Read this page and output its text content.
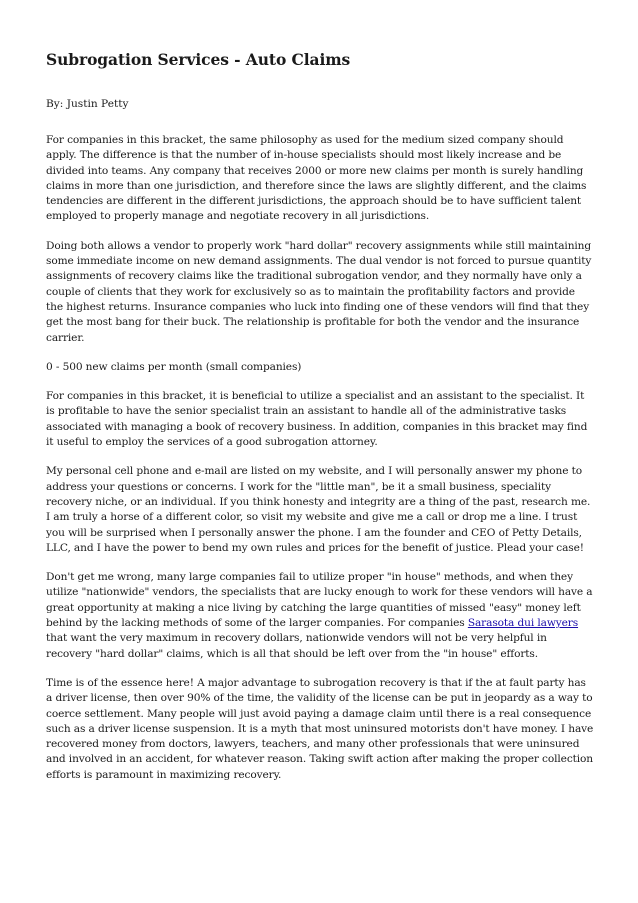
Subrogation Services - Auto Claims

By: Justin Petty

For companies in this bracket, the same philosophy as used for the medium sized company should apply. The difference is that the number of in-house specialists should most likely increase and be divided into teams. Any company that receives 2000 or more new claims per month is surely handling claims in more than one jurisdiction, and therefore since the laws are slightly different, and the claims tendencies are different in the different jurisdictions, the approach should be to have sufficient talent employed to properly manage and negotiate recovery in all jurisdictions.

Doing both allows a vendor to properly work "hard dollar" recovery assignments while still maintaining some immediate income on new demand assignments. The dual vendor is not forced to pursue quantity assignments of recovery claims like the traditional subrogation vendor, and they normally have only a couple of clients that they work for exclusively so as to maintain the profitability factors and provide the highest returns. Insurance companies who luck into finding one of these vendors will find that they get the most bang for their buck. The relationship is profitable for both the vendor and the insurance carrier.

0 - 500 new claims per month (small companies)

For companies in this bracket, it is beneficial to utilize a specialist and an assistant to the specialist. It is profitable to have the senior specialist train an assistant to handle all of the administrative tasks associated with managing a book of recovery business. In addition, companies in this bracket may find it useful to employ the services of a good subrogation attorney.

My personal cell phone and e-mail are listed on my website, and I will personally answer my phone to address your questions or concerns. I work for the "little man", be it a small business, speciality recovery niche, or an individual. If you think honesty and integrity are a thing of the past, research me. I am truly a horse of a different color, so visit my website and give me a call or drop me a line. I trust you will be surprised when I personally answer the phone. I am the founder and CEO of Petty Details, LLC, and I have the power to bend my own rules and prices for the benefit of justice. Plead your case!

Don't get me wrong, many large companies fail to utilize proper "in house" methods, and when they utilize "nationwide" vendors, the specialists that are lucky enough to work for these vendors will have a great opportunity at making a nice living by catching the large quantities of missed "easy" money left behind by the lacking methods of some of the larger companies. For companies Sarasota dui lawyers that want the very maximum in recovery dollars, nationwide vendors will not be very helpful in recovery "hard dollar" claims, which is all that should be left over from the "in house" efforts.

Time is of the essence here! A major advantage to subrogation recovery is that if the at fault party has a driver license, then over 90% of the time, the validity of the license can be put in jeopardy as a way to coerce settlement. Many people will just avoid paying a damage claim until there is a real consequence such as a driver license suspension. It is a myth that most uninsured motorists don't have money. I have recovered money from doctors, lawyers, teachers, and many other professionals that were uninsured and involved in an accident, for whatever reason. Taking swift action after making the proper collection efforts is paramount in maximizing recovery.
